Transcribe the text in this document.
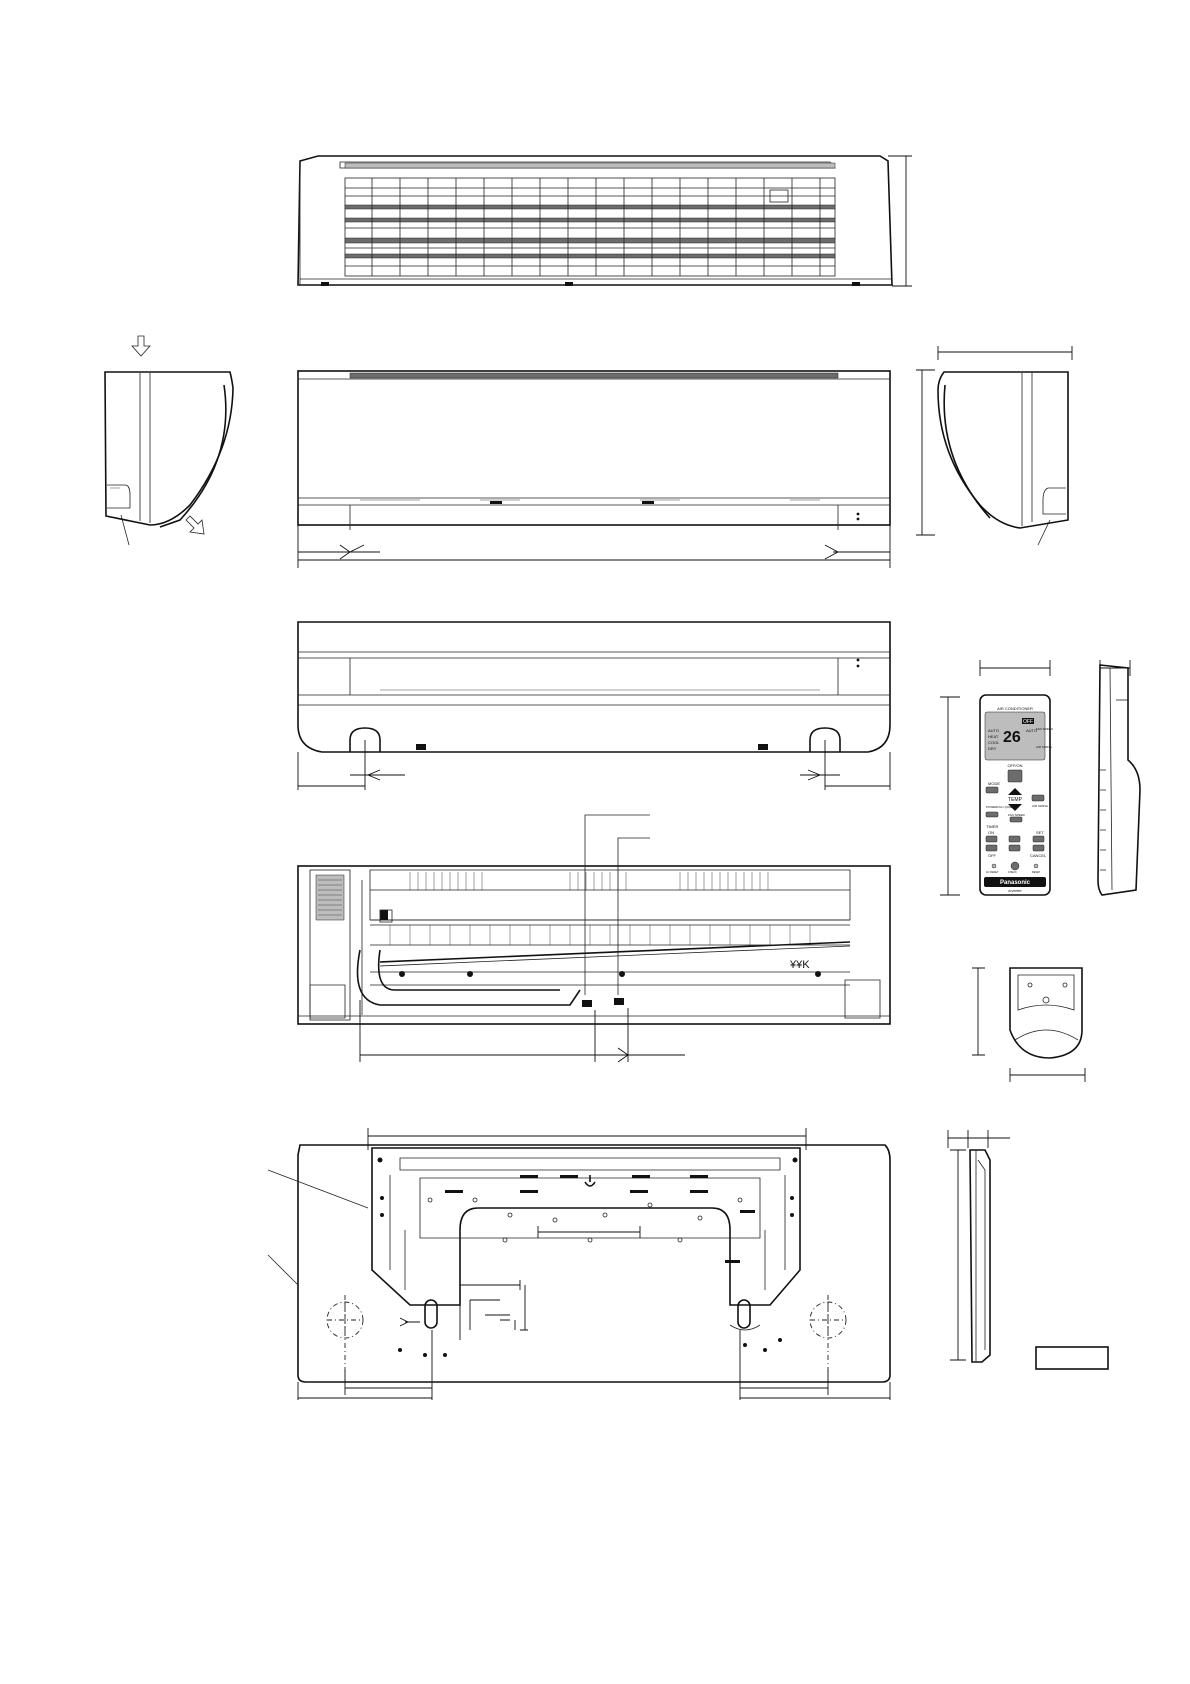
AIR CONDITIONER
26
OFF
AUTO
FAN SPEED
AIR SWING
AUTO
HEAT
COOL
DRY
OFF/ON
MODE
TEMP
AIR SWING
POWERFUL/ QUIET
FAN SPEED
TIMER
ON	SET
OFF	CANCEL
AC RESET	CHECK	RESET
Panasonic
inverter
¥¥K
